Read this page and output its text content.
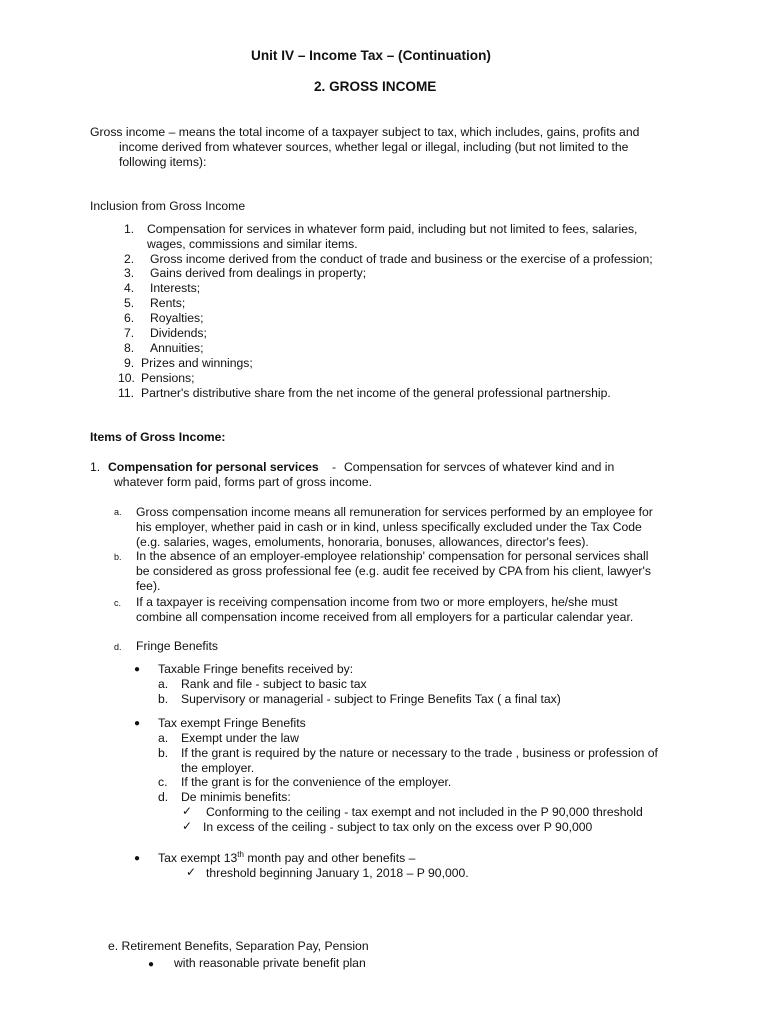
Unit IV – Income Tax – (Continuation)
2. GROSS INCOME
Gross income – means the total income of a taxpayer subject to tax, which includes, gains, profits and
income derived from whatever sources, whether legal or illegal, including (but not limited to the
following items):
Inclusion from Gross Income
1. Compensation for services in whatever form paid, including but not limited to fees, salaries,
wages, commissions and similar items.
2. Gross income derived from the conduct of trade and business or the exercise of a profession;
3. Gains derived from dealings in property;
4. Interests;
5. Rents;
6. Royalties;
7. Dividends;
8. Annuities;
9. Prizes and winnings;
10. Pensions;
11. Partner's distributive share from the net income of the general professional partnership.
Items of Gross Income:
1. Compensation for personal services - Compensation for servces of whatever kind and in
whatever form paid, forms part of gross income.
a. Gross compensation income means all remuneration for services performed by an employee for
his employer, whether paid in cash or in kind, unless specifically excluded under the Tax Code
(e.g. salaries, wages, emoluments, honoraria, bonuses, allowances, director's fees).
b. In the absence of an employer-employee relationship' compensation for personal services shall
be considered as gross professional fee (e.g. audit fee received by CPA from his client, lawyer's
fee).
c. If a taxpayer is receiving compensation income from two or more employers, he/she must
combine all compensation income received from all employers for a particular calendar year.
d. Fringe Benefits
● Taxable Fringe benefits received by:
a. Rank and file - subject to basic tax
b. Supervisory or managerial - subject to Fringe Benefits Tax ( a final tax)
● Tax exempt Fringe Benefits
a. Exempt under the law
b. If the grant is required by the nature or necessary to the trade , business or profession of
the employer.
c. If the grant is for the convenience of the employer.
d. De minimis benefits:
✓ Conforming to the ceiling - tax exempt and not included in the P 90,000 threshold
✓ In excess of the ceiling - subject to tax only on the excess over P 90,000
● Tax exempt 13th month pay and other benefits –
✓ threshold beginning January 1, 2018 – P 90,000.
e. Retirement Benefits, Separation Pay, Pension
● with reasonable private benefit plan
